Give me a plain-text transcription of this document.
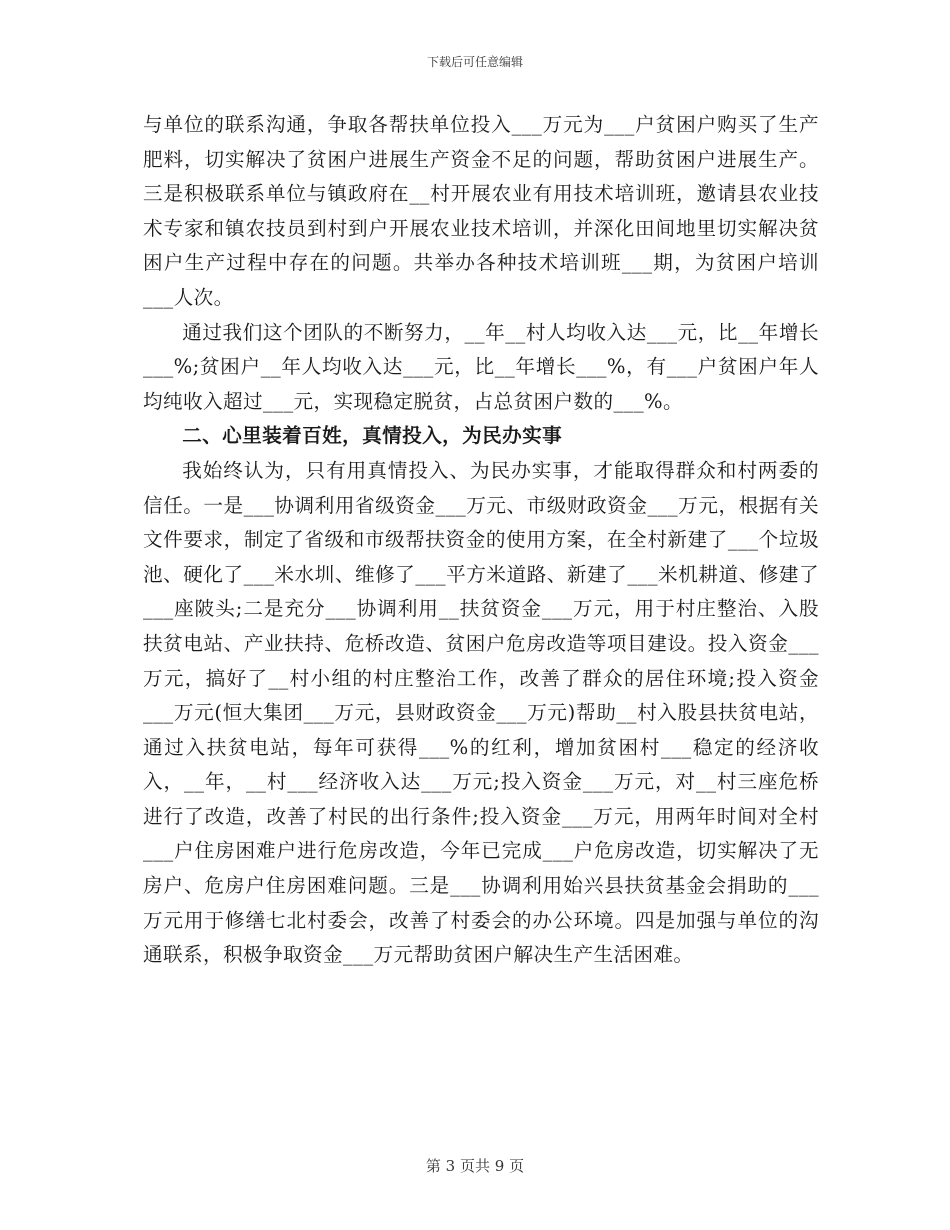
下载后可任意编辑

与单位的联系沟通，争取各帮扶单位投入___万元为___户贫困户购买了生产肥料，切实解决了贫困户进展生产资金不足的问题，帮助贫困户进展生产。三是积极联系单位与镇政府在__村开展农业有用技术培训班，邀请县农业技术专家和镇农技员到村到户开展农业技术培训，并深化田间地里切实解决贫困户生产过程中存在的问题。共举办各种技术培训班___期，为贫困户培训___人次。

通过我们这个团队的不断努力，__年__村人均收入达___元，比__年增长___%;贫困户__年人均收入达___元，比__年增长___%，有___户贫困户年人均纯收入超过___元，实现稳定脱贫，占总贫困户数的___%。

二、心里装着百姓，真情投入，为民办实事

我始终认为，只有用真情投入、为民办实事，才能取得群众和村两委的信任。一是___协调利用省级资金___万元、市级财政资金___万元，根据有关文件要求，制定了省级和市级帮扶资金的使用方案，在全村新建了___个垃圾池、硬化了___米水圳、维修了___平方米道路、新建了___米机耕道、修建了___座陂头;二是充分___协调利用__扶贫资金___万元，用于村庄整治、入股扶贫电站、产业扶持、危桥改造、贫困户危房改造等项目建设。投入资金___万元，搞好了__村小组的村庄整治工作，改善了群众的居住环境;投入资金___万元(恒大集团___万元，县财政资金___万元)帮助__村入股县扶贫电站，通过入扶贫电站，每年可获得___%的红利，增加贫困村___稳定的经济收入，__年，__村___经济收入达___万元;投入资金___万元，对__村三座危桥进行了改造，改善了村民的出行条件;投入资金___万元，用两年时间对全村___户住房困难户进行危房改造，今年已完成___户危房改造，切实解决了无房户、危房户住房困难问题。三是___协调利用始兴县扶贫基金会捐助的___万元用于修缮七北村委会，改善了村委会的办公环境。四是加强与单位的沟通联系，积极争取资金___万元帮助贫困户解决生产生活困难。

第 3 页共 9 页
